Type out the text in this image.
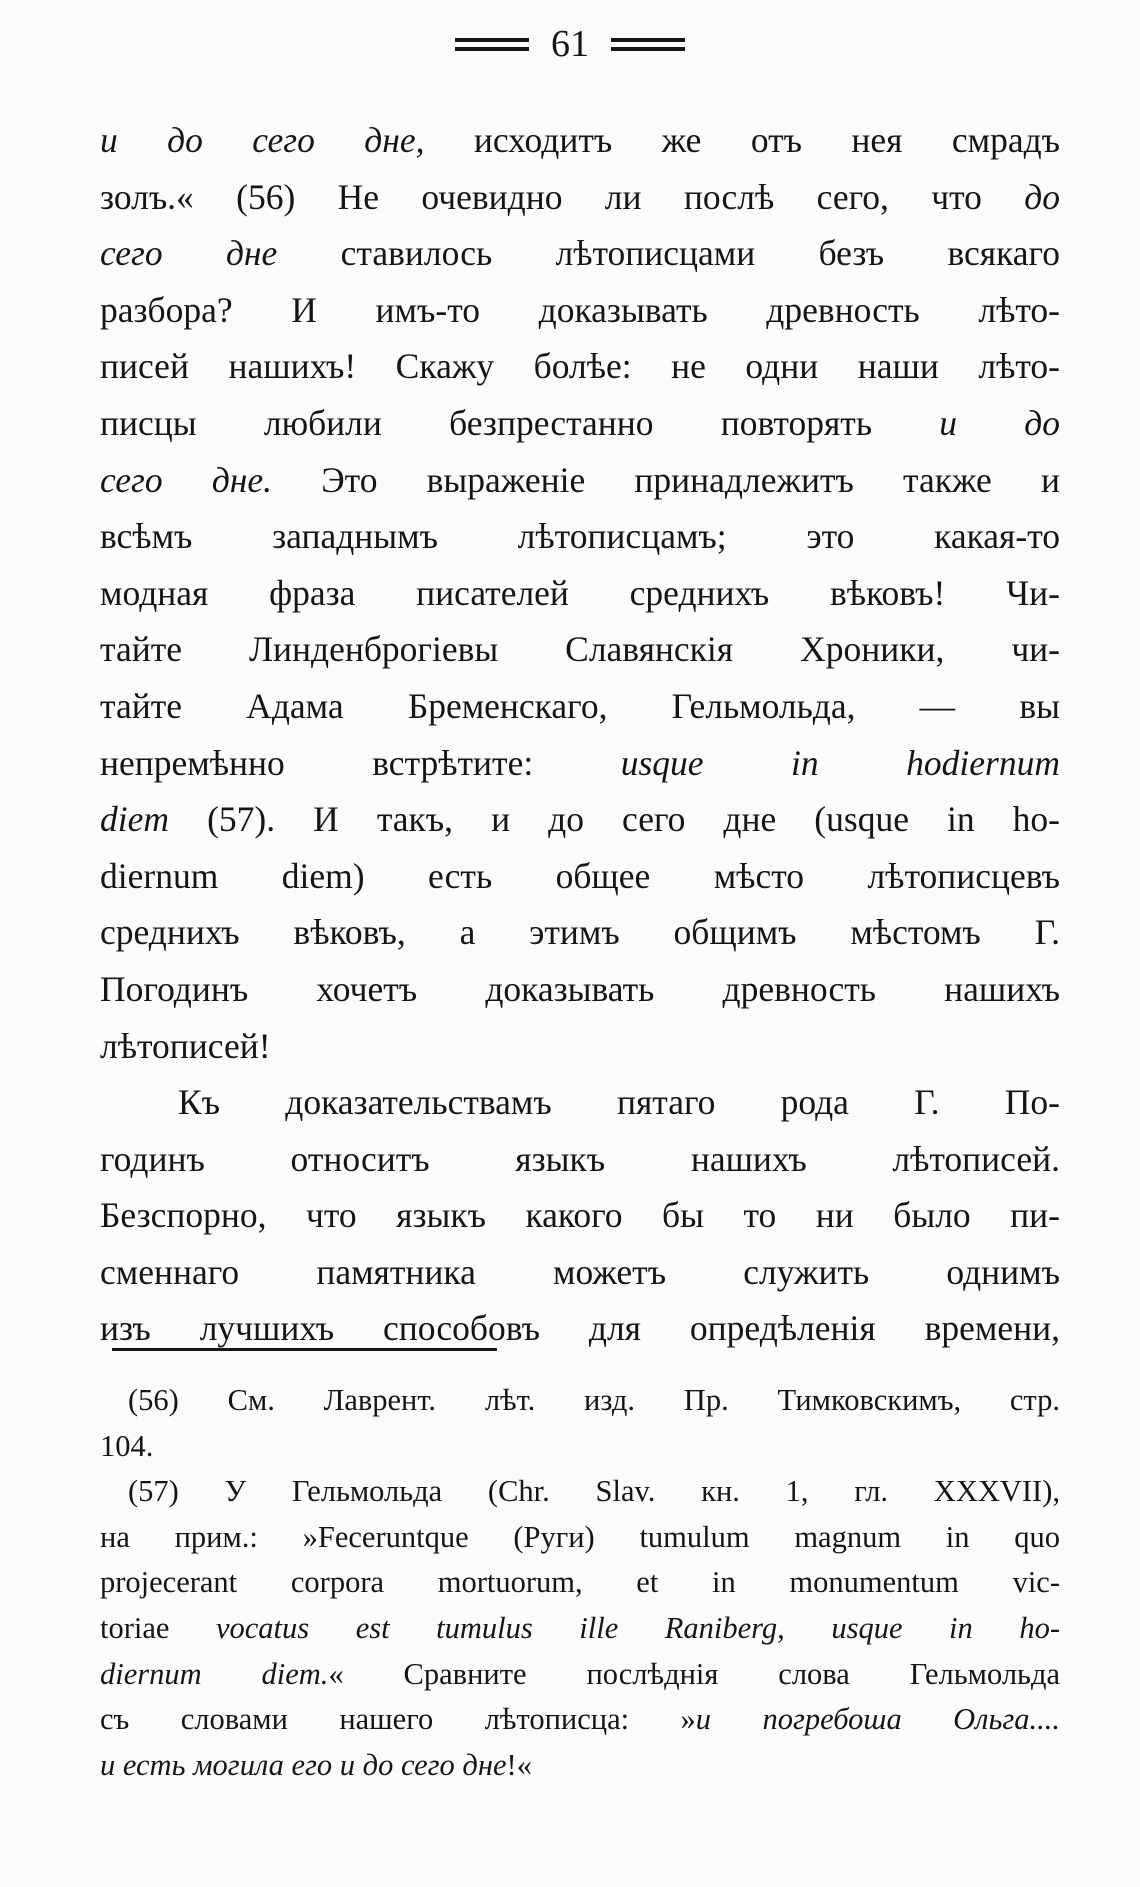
61
и до сего дне, исходитъ же отъ нея смрадъ
золъ.« (56) Не очевидно ли послѣ сего, что до
сего дне ставилось лѣтописцами безъ всякаго
разбора? И имъ-то доказывать древность лѣто-
писей нашихъ! Скажу болѣе: не одни наши лѣто-
писцы любили безпрестанно повторять и до
сего дне. Это выраженіе принадлежитъ также и
всѣмъ западнымъ лѣтописцамъ; это какая-то
модная фраза писателей среднихъ вѣковъ! Чи-
тайте Линденброгіевы Славянскія Хроники, чи-
тайте Адама Бременскаго, Гельмольда, — вы
непремѣнно встрѣтите: usque in hodiernum
diem (57). И такъ, и до сего дне (usque in ho-
diernum diem) есть общее мѣсто лѣтописцевъ
среднихъ вѣковъ, а этимъ общимъ мѣстомъ Г.
Погодинъ хочетъ доказывать древность нашихъ
лѣтописей!
Къ доказательствамъ пятаго рода Г. По-
годинъ относитъ языкъ нашихъ лѣтописей.
Безспорно, что языкъ какого бы то ни было пи-
сменнаго памятника можетъ служить однимъ
изъ лучшихъ способовъ для опредѣленія времени,
(56) См. Лаврент. лѣт. изд. Пр. Тимковскимъ, стр.
104.
(57) У Гельмольда (Chr. Slav. кн. 1, гл. XXXVII),
на прим.: »Feceruntque (Руги) tumulum magnum in quo
projecerant corpora mortuorum, et in monumentum vic-
toriae vocatus est tumulus ille Raniberg, usque in ho-
diernum diem.« Сравните послѣднія слова Гельмольда
съ словами нашего лѣтописца: »и погребоша Ольга....
и есть могила его и до сего дне!«
